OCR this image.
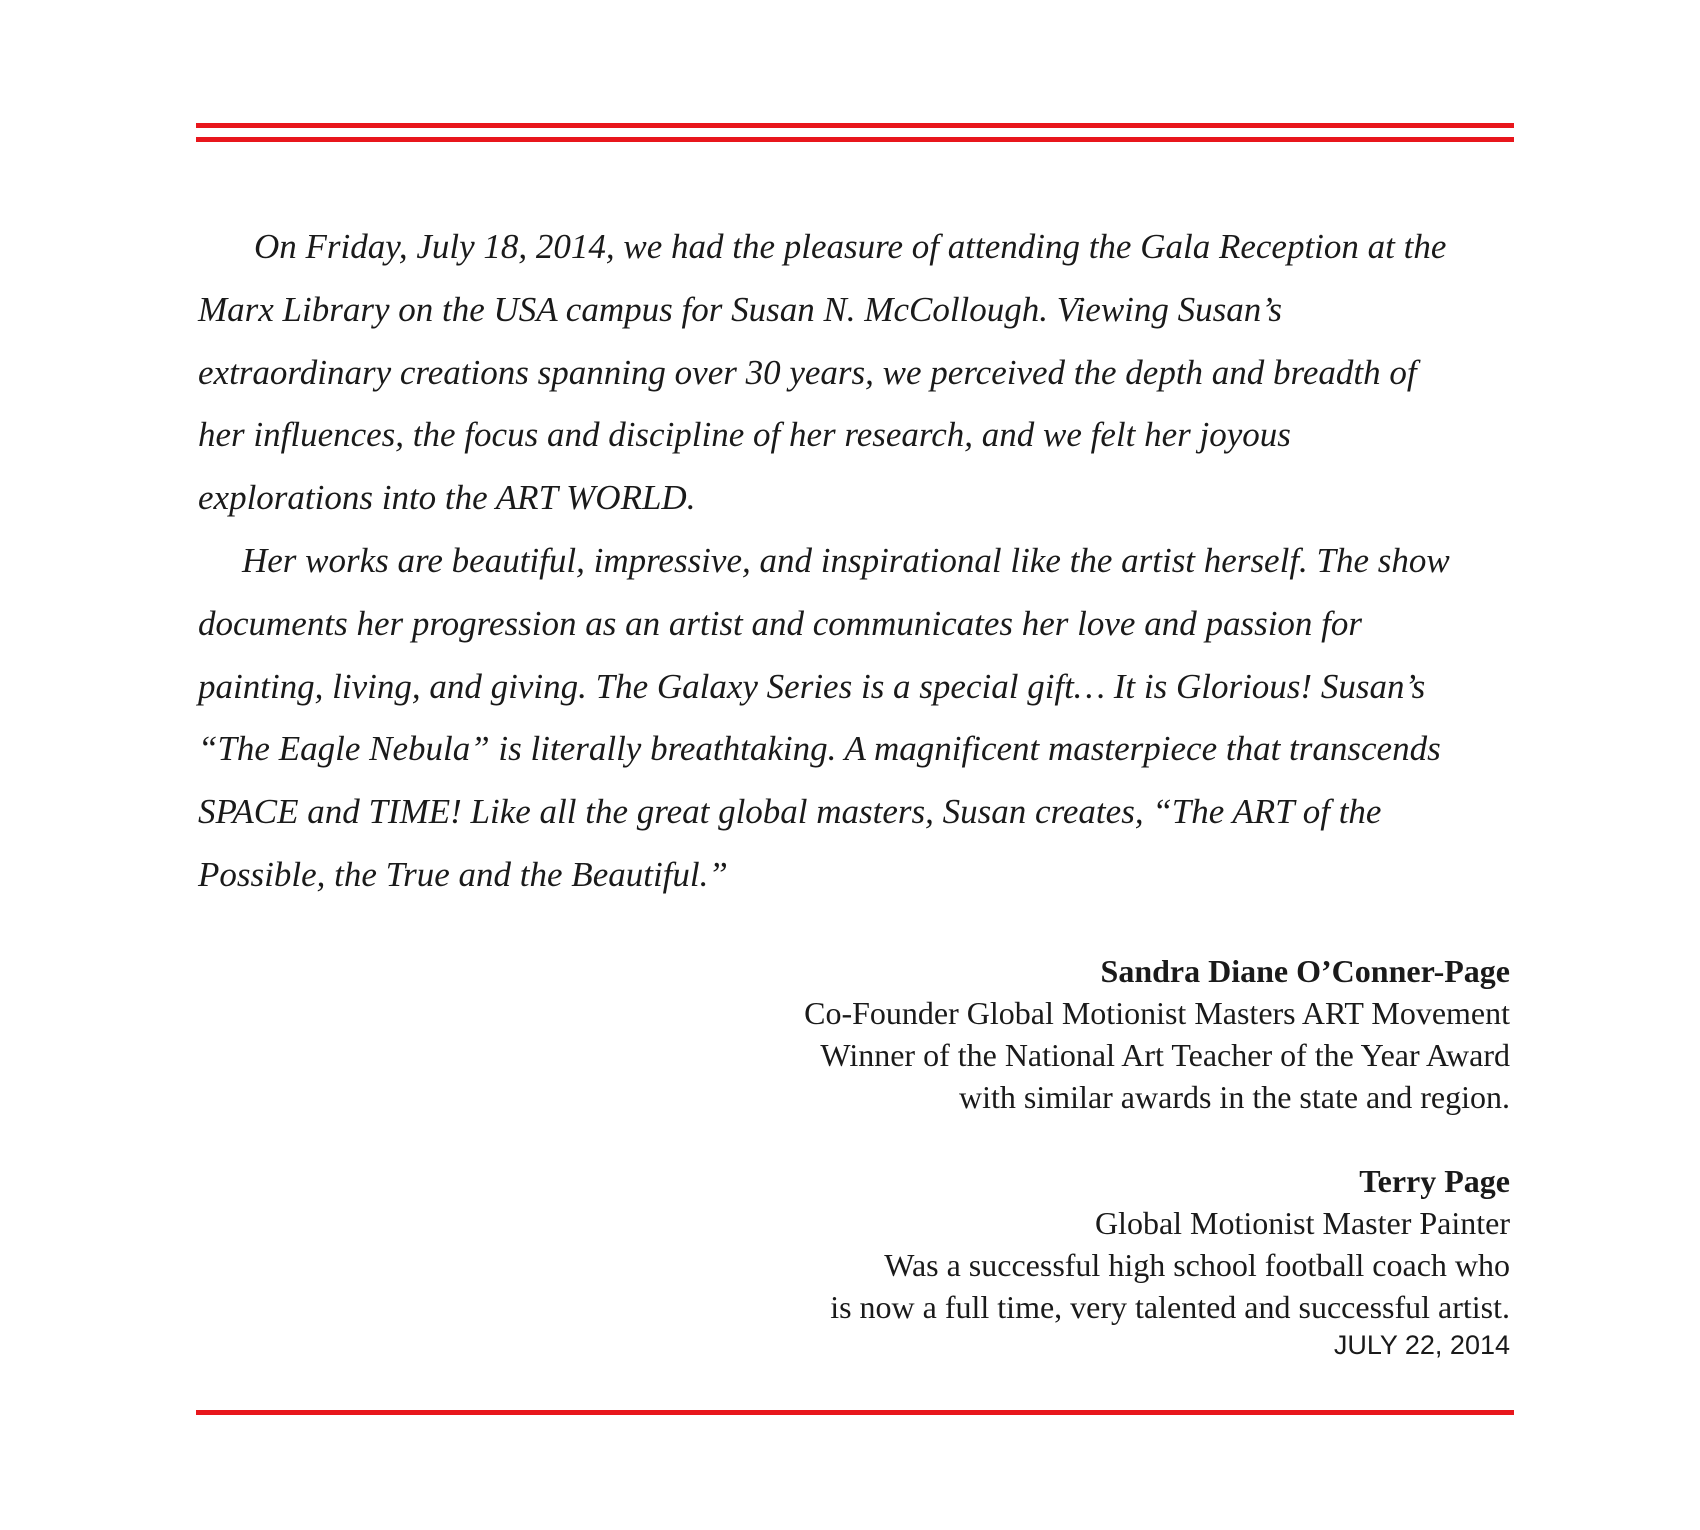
On Friday, July 18, 2014, we had the pleasure of attending the Gala Reception at the
Marx Library on the USA campus for Susan N. McCollough. Viewing Susan’s
extraordinary creations spanning over 30 years, we perceived the depth and breadth of
her influences, the focus and discipline of her research, and we felt her joyous
explorations into the ART WORLD.
Her works are beautiful, impressive, and inspirational like the artist herself. The show
documents her progression as an artist and communicates her love and passion for
painting, living, and giving. The Galaxy Series is a special gift… It is Glorious! Susan’s
“The Eagle Nebula” is literally breathtaking. A magnificent masterpiece that transcends
SPACE and TIME! Like all the great global masters, Susan creates, “The ART of the
Possible, the True and the Beautiful.”
Sandra Diane O’Conner-Page
Co-Founder Global Motionist Masters ART Movement
Winner of the National Art Teacher of the Year Award
with similar awards in the state and region.
Terry Page
Global Motionist Master Painter
Was a successful high school football coach who
is now a full time, very talented and successful artist.
JULY 22, 2014
